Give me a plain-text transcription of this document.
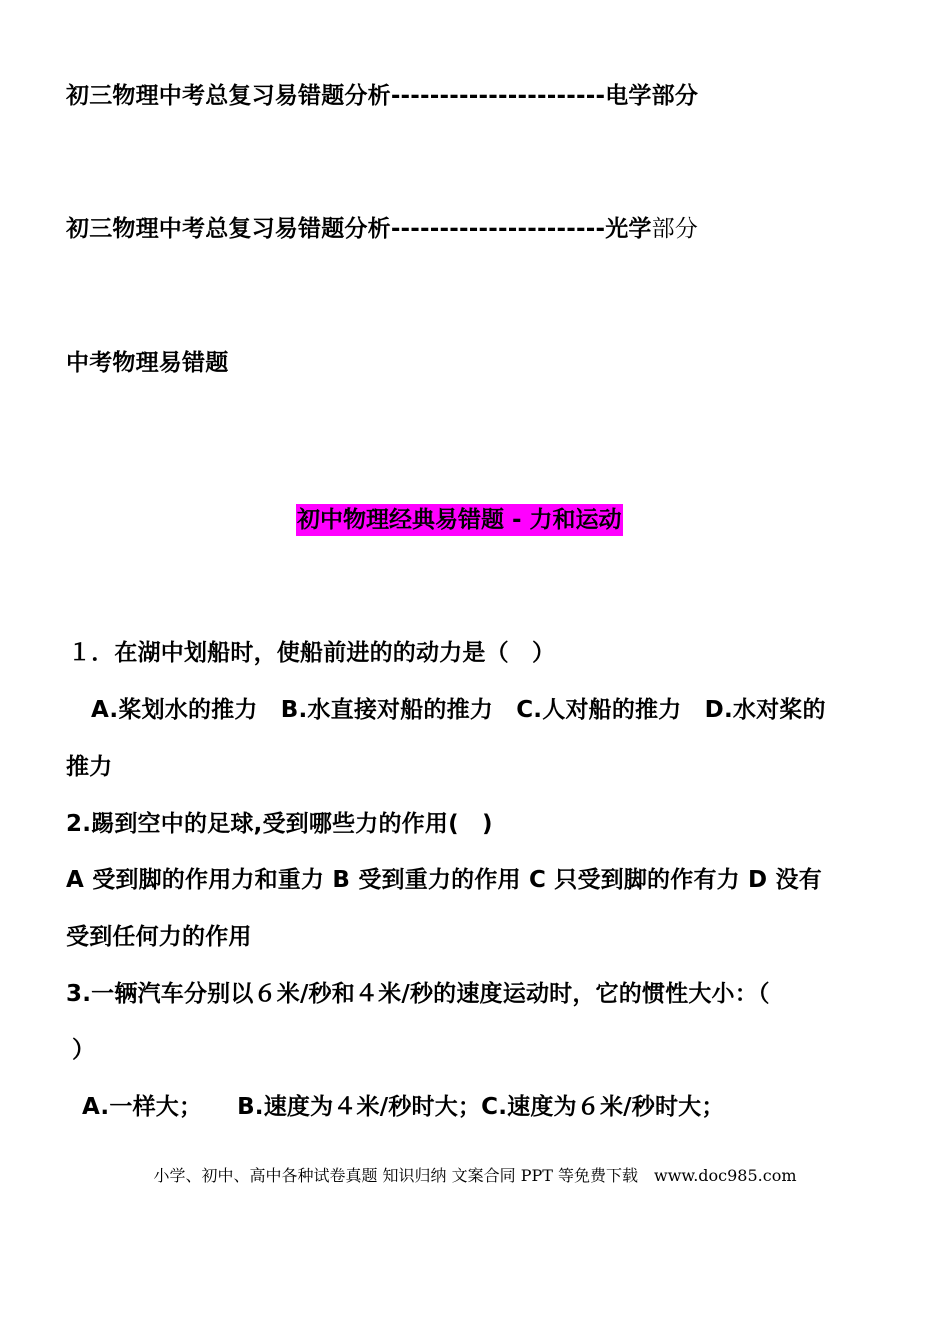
初三物理中考总复习易错题分析----------------------电学部分
初三物理中考总复习易错题分析----------------------光学部分
中考物理易错题
初中物理经典易错题 - 力和运动
１．在湖中划船时，使船前进的的动力是（　）
A.桨划水的推力　B.水直接对船的推力　C.人对船的推力　D.水对桨的
推力
2.踢到空中的足球,受到哪些力的作用(　)
A 受到脚的作用力和重力 B 受到重力的作用 C 只受到脚的作有力 D 没有
受到任何力的作用
3.一辆汽车分别以６米/秒和４米/秒的速度运动时，它的惯性大小：（
）
A.一样大；　　B.速度为４米/秒时大；C.速度为６米/秒时大；
小学、初中、高中各种试卷真题 知识归纳 文案合同 PPT 等免费下载　www.doc985.com
